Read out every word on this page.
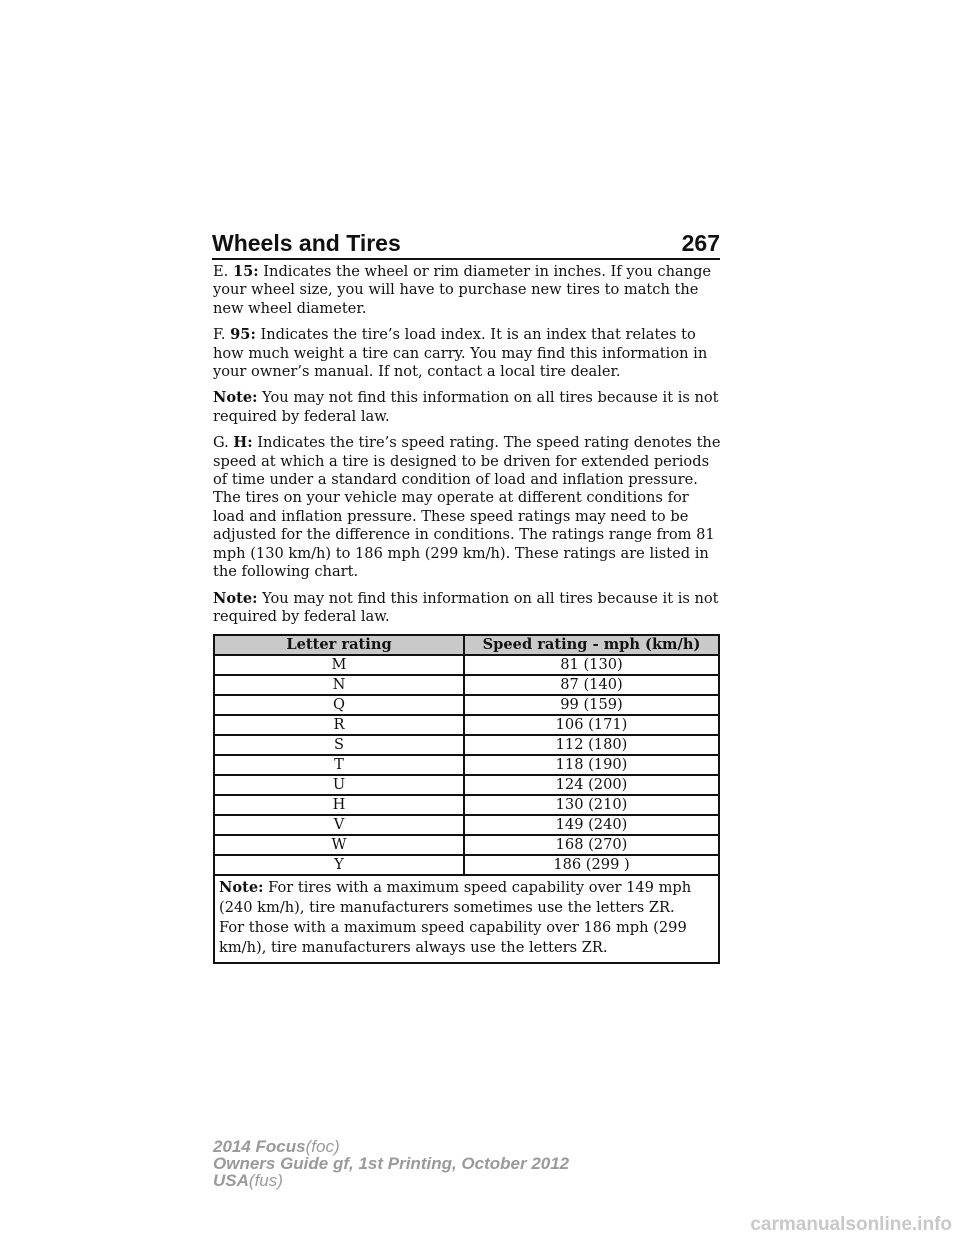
Wheels and Tires	267

E. 15: Indicates the wheel or rim diameter in inches. If you change your wheel size, you will have to purchase new tires to match the new wheel diameter.

F. 95: Indicates the tire’s load index. It is an index that relates to how much weight a tire can carry. You may find this information in your owner’s manual. If not, contact a local tire dealer.

Note: You may not find this information on all tires because it is not required by federal law.

G. H: Indicates the tire’s speed rating. The speed rating denotes the speed at which a tire is designed to be driven for extended periods of time under a standard condition of load and inflation pressure. The tires on your vehicle may operate at different conditions for load and inflation pressure. These speed ratings may need to be adjusted for the difference in conditions. The ratings range from 81 mph (130 km/h) to 186 mph (299 km/h). These ratings are listed in the following chart.

Note: You may not find this information on all tires because it is not required by federal law.

Letter rating	Speed rating - mph (km/h)
M	81 (130)
N	87 (140)
Q	99 (159)
R	106 (171)
S	112 (180)
T	118 (190)
U	124 (200)
H	130 (210)
V	149 (240)
W	168 (270)
Y	186 (299 )
Note: For tires with a maximum speed capability over 149 mph (240 km/h), tire manufacturers sometimes use the letters ZR.
For those with a maximum speed capability over 186 mph (299 km/h), tire manufacturers always use the letters ZR.	
2014 Focus(foc)
Owners Guide gf, 1st Printing, October 2012
USA(fus)
carmanualsonline.info
